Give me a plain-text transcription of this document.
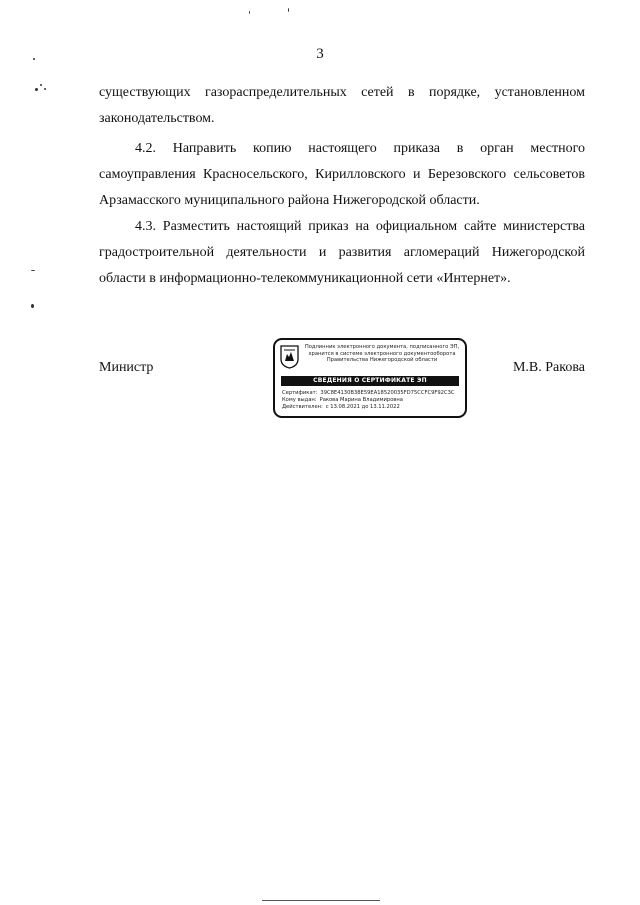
3

существующих газораспределительных сетей в порядке, установленном законодательством.

4.2. Направить копию настоящего приказа в орган местного самоуправления Красносельского, Кирилловского и Березовского сельсоветов Арзамасского муниципального района Нижегородской области.

4.3. Разместить настоящий приказ на официальном сайте министерства градостроительной деятельности и развития агломераций Нижегородской области в информационно-телекоммуникационной сети «Интернет».

Министр	М.В. Ракова
Подлинник электронного документа, подписанного ЭП,
хранится в системе электронного документооборота
Правительства Нижегородской области
СВЕДЕНИЯ О СЕРТИФИКАТЕ ЭП
Сертификат: 39C8E4130B38E59EA18520035FD75CCFC9F92C3C
Кому выдан: Ракова Марина Владимировна
Действителен: с 13.08.2021 до 13.11.2022
